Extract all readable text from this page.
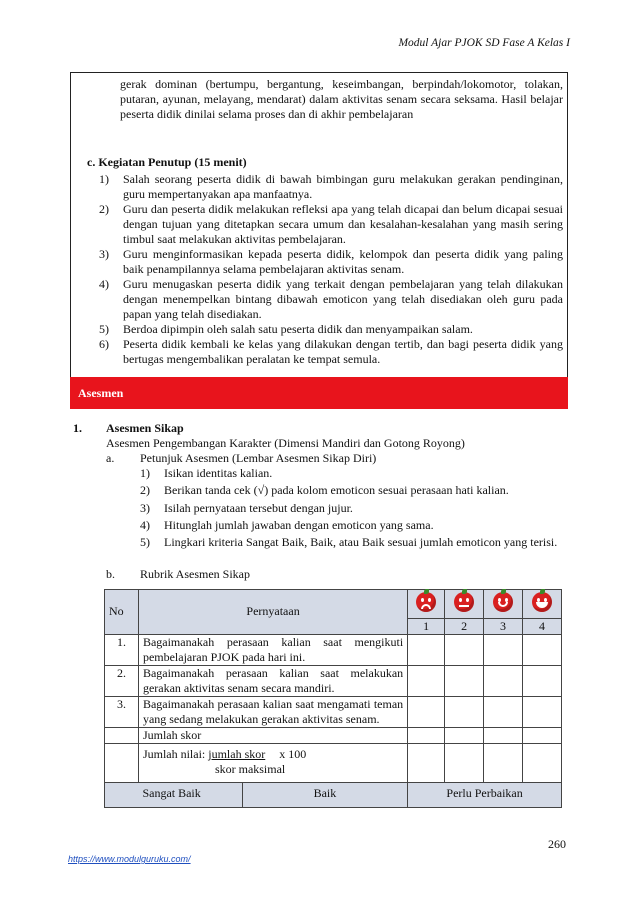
Modul Ajar PJOK SD Fase A Kelas I
gerak dominan (bertumpu, bergantung, keseimbangan, berpindah/lokomotor, tolakan, putaran, ayunan, melayang, mendarat) dalam aktivitas senam secara seksama. Hasil belajar peserta didik dinilai selama proses dan di akhir pembelajaran
c. Kegiatan Penutup (15 menit)
1) Salah seorang peserta didik di bawah bimbingan guru melakukan gerakan pendinginan, guru mempertanyakan apa manfaatnya.
2) Guru dan peserta didik melakukan refleksi apa yang telah dicapai dan belum dicapai sesuai dengan tujuan yang ditetapkan secara umum dan kesalahan-kesalahan yang masih sering timbul saat melakukan aktivitas pembelajaran.
3) Guru menginformasikan kepada peserta didik, kelompok dan peserta didik yang paling baik penampilannya selama pembelajaran aktivitas senam.
4) Guru menugaskan peserta didik yang terkait dengan pembelajaran yang telah dilakukan dengan menempelkan bintang dibawah emoticon yang telah disediakan oleh guru pada papan yang telah disediakan.
5) Berdoa dipimpin oleh salah satu peserta didik dan menyampaikan salam.
6) Peserta didik kembali ke kelas yang dilakukan dengan tertib, dan bagi peserta didik yang bertugas mengembalikan peralatan ke tempat semula.
Asesmen
1. Asesmen Sikap
Asesmen Pengembangan Karakter (Dimensi Mandiri dan Gotong Royong)
a. Petunjuk Asesmen (Lembar Asesmen Sikap Diri)
1) Isikan identitas kalian.
2) Berikan tanda cek (√) pada kolom emoticon sesuai perasaan hati kalian.
3) Isilah pernyataan tersebut dengan jujur.
4) Hitunglah jumlah jawaban dengan emoticon yang sama.
5) Lingkari kriteria Sangat Baik, Baik, atau Baik sesuai jumlah emoticon yang terisi.
b. Rubrik Asesmen Sikap
No	Pernyataan		

			1	2	3	4
1.	Bagaimanakah perasaan kalian saat mengikuti pembelajaran PJOK pada hari ini.					
2.	Bagaimanakah perasaan kalian saat melakukan gerakan aktivitas senam secara mandiri.					
3.	Bagaimanakah perasaan kalian saat mengamati teman yang sedang melakukan gerakan aktivitas senam.					
	Jumlah skor					

	Jumlah nilai: jumlah skor x 100
skor maksimal					

	Sangat Baik	Baik	Perlu Perbaikan			
260
https://www.modulguruku.com/
